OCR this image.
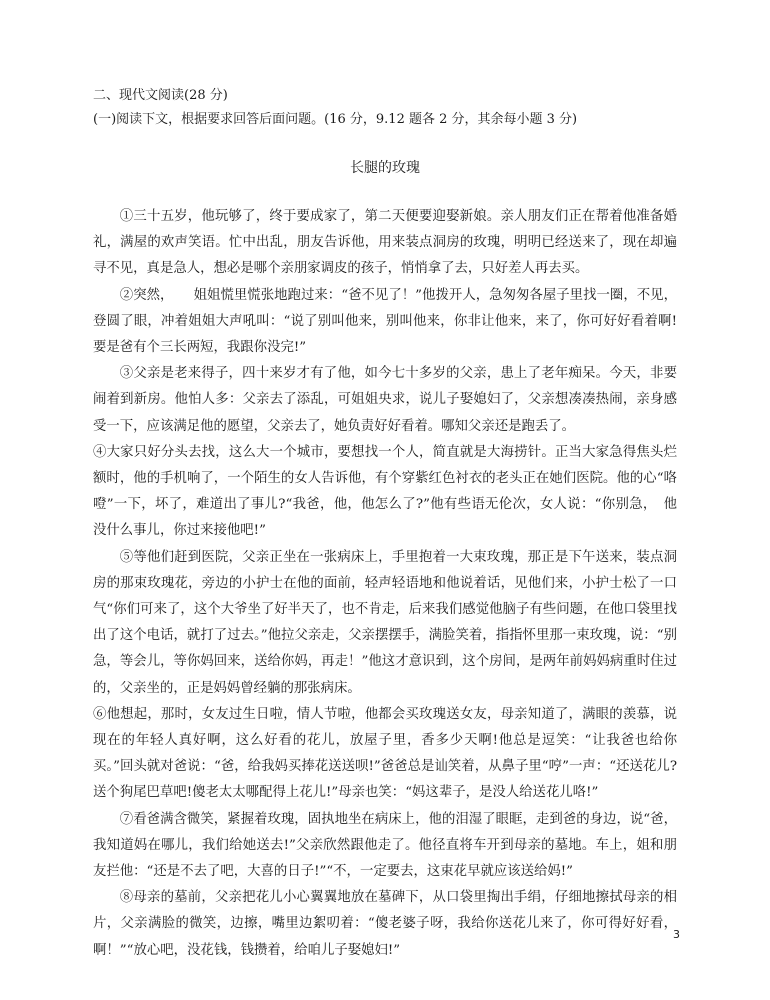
二、现代文阅读(28 分)
(一)阅读下文，根据要求回答后面问题。(16 分，9.12 题各 2 分，其余每小题 3 分)
长腿的玫瑰

①三十五岁，他玩够了，终于要成家了，第二天便要迎娶新娘。亲人朋友们正在帮着他准备婚礼，满屋的欢声笑语。忙中出乱，朋友告诉他，用来装点洞房的玫瑰，明明已经送来了，现在却遍寻不见，真是急人，想必是哪个亲朋家调皮的孩子，悄悄拿了去，只好差人再去买。

②突然，　　姐姐慌里慌张地跑过来：“爸不见了！”他拨开人，急匆匆各屋子里找一圈，不见，登圆了眼，冲着姐姐大声吼叫：“说了别叫他来，别叫他来，你非让他来，来了，你可好好看着啊!要是爸有个三长两短，我跟你没完!”

③父亲是老来得子，四十来岁才有了他，如今七十多岁的父亲，患上了老年痴呆。今天，非要闹着到新房。他怕人多：父亲去了添乱，可姐姐央求，说儿子娶媳妇了，父亲想凑凑热闹，亲身感受一下，应该满足他的愿望，父亲去了，她负责好好看着。哪知父亲还是跑丢了。

④大家只好分头去找，这么大一个城市，要想找一个人，简直就是大海捞针。正当大家急得焦头烂额时，他的手机响了，一个陌生的女人告诉他，有个穿紫红色衬衣的老头正在她们医院。他的心“咯噔”一下，坏了，难道出了事儿?“我爸，他，他怎么了?”他有些语无伦次，女人说：“你别急，　他没什么事儿，你过来接他吧!”

⑤等他们赶到医院，父亲正坐在一张病床上，手里抱着一大束玫瑰，那正是下午送来，装点洞房的那束玫瑰花，旁边的小护士在他的面前，轻声轻语地和他说着话，见他们来，小护士松了一口气“你们可来了，这个大爷坐了好半天了，也不肯走，后来我们感觉他脑子有些问题，在他口袋里找出了这个电话，就打了过去。”他拉父亲走，父亲摆摆手，满脸笑着，指指怀里那一束玫瑰，说：“别急，等会儿，等你妈回来，送给你妈，再走！”他这才意识到，这个房间，是两年前妈妈病重时住过的，父亲坐的，正是妈妈曾经躺的那张病床。

⑥他想起，那时，女友过生日啦，情人节啦，他都会买玫瑰送女友，母亲知道了，满眼的羡慕，说现在的年轻人真好啊，这么好看的花儿，放屋子里，香多少天啊!他总是逗笑：“让我爸也给你买。”回头就对爸说：“爸，给我妈买捧花送送呗!”爸爸总是讪笑着，从鼻子里“哼”一声：“还送花儿?送个狗尾巴草吧!傻老太太哪配得上花儿!”母亲也笑：“妈这辈子，是没人给送花儿咯!”

⑦看爸满含微笑，紧握着玫瑰，固执地坐在病床上，他的泪湿了眼眶，走到爸的身边，说“爸，我知道妈在哪儿，我们给她送去!”父亲欣然跟他走了。他径直将车开到母亲的墓地。车上，姐和朋友拦他：“还是不去了吧，大喜的日子!”“不，一定要去，这束花早就应该送给妈!”

⑧母亲的墓前，父亲把花儿小心翼翼地放在墓碑下，从口袋里掏出手绢，仔细地擦拭母亲的相片，父亲满脸的微笑，边擦，嘴里边絮叨着：“傻老婆子呀，我给你送花儿来了，你可得好好看，啊！”“放心吧，没花钱，钱攒着，给咱儿子娶媳妇!”

3
